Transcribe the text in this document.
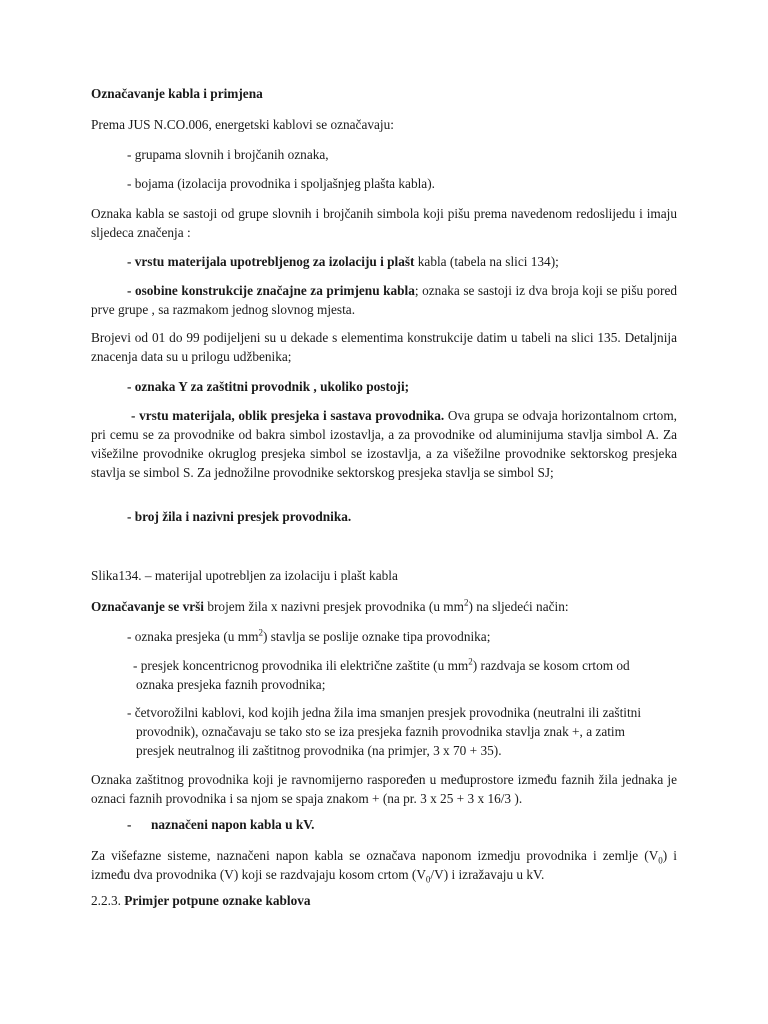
Označavanje kabla i primjena

Prema JUS N.CO.006, energetski kablovi se označavaju:

- grupama slovnih i brojčanih oznaka,

- bojama (izolacija provodnika i spoljašnjeg plašta kabla).

Oznaka kabla se sastoji od grupe slovnih i brojčanih simbola koji pišu prema navedenom redoslijedu i imaju sljedeca značenja :

- vrstu materijala upotrebljenog za izolaciju i plašt kabla (tabela na slici 134);

- osobine konstrukcije značajne za primjenu kabla; oznaka se sastoji iz dva broja koji se pišu pored prve grupe , sa razmakom jednog slovnog mjesta.

Brojevi od 01 do 99 podijeljeni su u dekade s elementima konstrukcije datim u tabeli na slici 135. Detaljnija znacenja data su u prilogu udžbenika;

- oznaka Y za zaštitni provodnik , ukoliko postoji;

- vrstu materijala, oblik presjeka i sastava provodnika. Ova grupa se odvaja horizontalnom crtom, pri cemu se za provodnike od bakra simbol izostavlja, a za provodnike od aluminijuma stavlja simbol A. Za višežilne provodnike okruglog presjeka simbol se izostavlja, a za višežilne provodnike sektorskog presjeka stavlja se simbol S. Za jednožilne provodnike sektorskog presjeka stavlja se simbol SJ;

- broj žila i nazivni presjek provodnika.

Slika134. – materijal upotrebljen za izolaciju i plašt kabla

Označavanje se vrši brojem žila x nazivni presjek provodnika (u $mm^2$) na sljedeći način:

- oznaka presjeka (u $mm^2$) stavlja se poslije oznake tipa provodnika;

- presjek koncentricnog provodnika ili električne zaštite (u $mm^2$) razdvaja se kosom crtom od
oznaka presjeka faznih provodnika;

- četvorožilni kablovi, kod kojih jedna žila ima smanjen presjek provodnika (neutralni ili zaštitni
provodnik), označavaju se tako sto se iza presjeka faznih provodnika stavlja znak +, a zatim
presjek neutralnog ili zaštitnog provodnika (na primjer, 3 x 70 + 35).

Oznaka zaštitnog provodnika koji je ravnomijerno raspoređen u međuprostore između faznih žila jednaka je oznaci faznih provodnika i sa njom se spaja znakom + (na pr. 3 x 25 + 3 x 16/3 ).

- naznačeni napon kabla u kV.

Za višefazne sisteme, naznačeni napon kabla se označava naponom izmedju provodnika i zemlje $(V_0)$ i između dva provodnika (V) koji se razdvajaju kosom crtom $(V_0/V)$ i izražavaju u kV.

2.2.3. Primjer potpune oznake kablova
